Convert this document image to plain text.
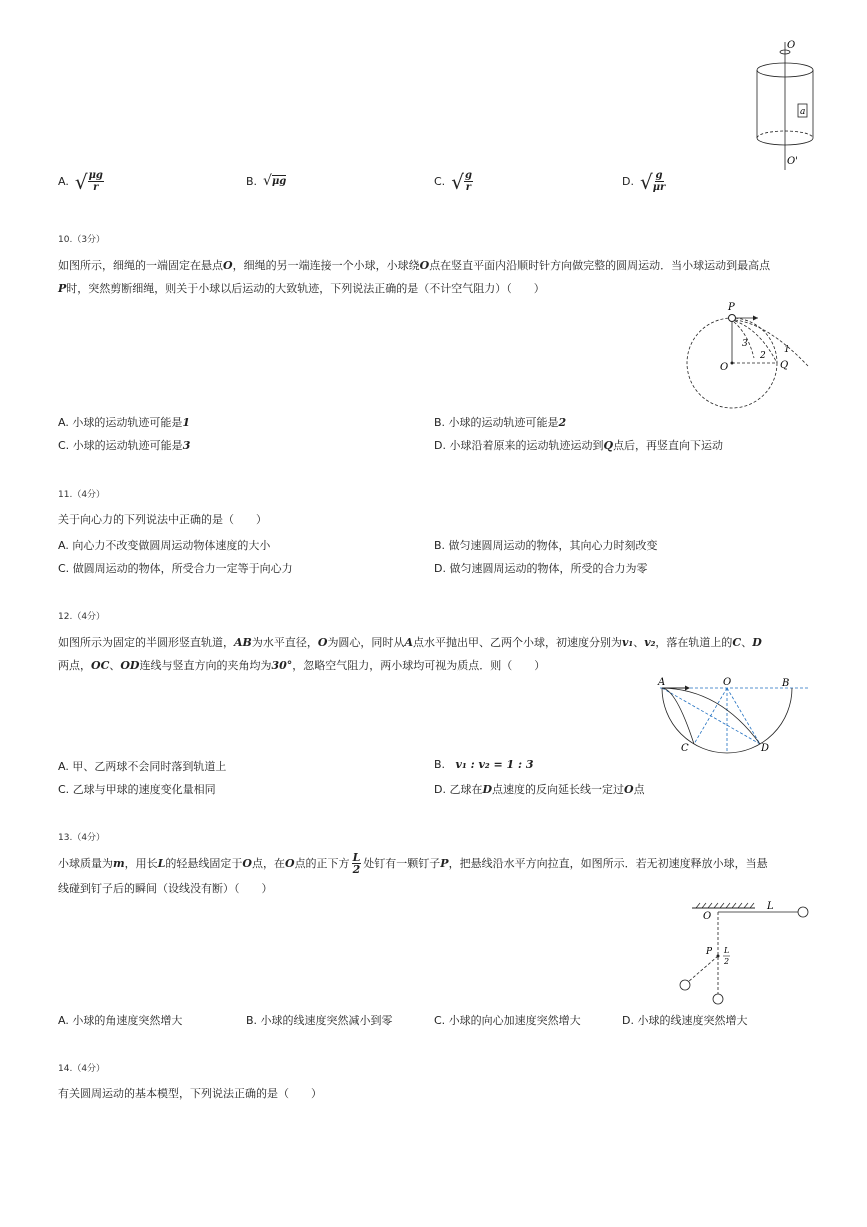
a
O
O'
A. √ $\frac{\mu g}{r}$	B. √ μg	C. √ $\frac{g}{r}$	D. √ $\frac{g}{\mu r}$
10.（3分）
如图所示，细绳的一端固定在悬点O，细绳的另一端连接一个小球，小球绕O点在竖直平面内沿顺时针方向做完整的圆周运动．当小球运动到最高点
P时，突然剪断细绳，则关于小球以后运动的大致轨迹，下列说法正确的是（不计空气阻力）（　　）
P
O	Q
1
2
3
A. 小球的运动轨迹可能是1	B. 小球的运动轨迹可能是2
C. 小球的运动轨迹可能是3	D. 小球沿着原来的运动轨迹运动到Q点后，再竖直向下运动
11.（4分）
关于向心力的下列说法中正确的是（　　）
A. 向心力不改变做圆周运动物体速度的大小	B. 做匀速圆周运动的物体，其向心力时刻改变
C. 做圆周运动的物体，所受合力一定等于向心力	D. 做匀速圆周运动的物体，所受的合力为零
12.（4分）
如图所示为固定的半圆形竖直轨道，AB为水平直径，O为圆心，同时从A点水平抛出甲、乙两个小球，初速度分别为v₁、v₂，落在轨道上的C、D
两点，OC、OD连线与竖直方向的夹角均为30°，忽略空气阻力，两小球均可视为质点．则（　　）
A	O	B
C	D
A. 甲、乙两球不会同时落到轨道上	B. v₁ : v₂ = 1 : 3
C. 乙球与甲球的速度变化量相同	D. 乙球在D点速度的反向延长线一定过O点
13.（4分）
小球质量为 m ，用长 L 的轻悬线固定于 O 点，在 O 点的正下方 $\frac{L}{2}$ 处钉有一颗钉子 P ，把悬线沿水平方向拉直，如图所示．若无初速度释放小球，当悬
线碰到钉子后的瞬间（设线没有断）（　　）
O
L
P L
2
A. 小球的角速度突然增大	B. 小球的线速度突然减小到零	C. 小球的向心加速度突然增大	D. 小球的线速度突然增大
14.（4分）
有关圆周运动的基本模型，下列说法正确的是（　　）
